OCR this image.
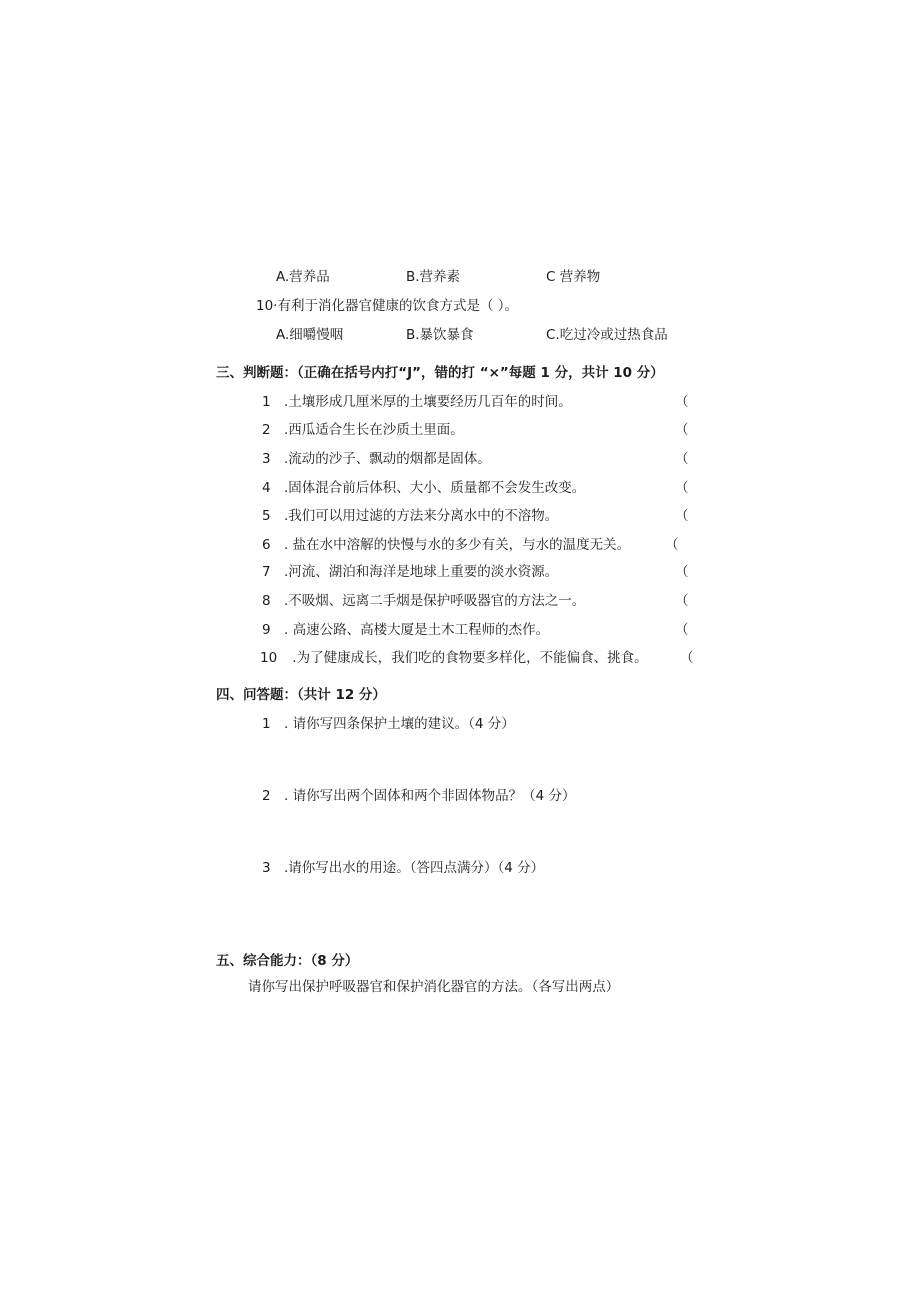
A.营养品	B.营养素	C 营养物
10·有利于消化器官健康的饮食方式是（ ）。
A.细嚼慢咽	B.暴饮暴食	C.吃过冷或过热食品
三、判断题：（正确在括号内打“J”，错的打 “×”每题 1 分，共计 10 分）
1 .土壤形成几厘米厚的土壤要经历几百年的时间。	（
2 .西瓜适合生长在沙质土里面。	（
3 .流动的沙子、飘动的烟都是固体。	（
4 .固体混合前后体积、大小、质量都不会发生改变。	（
5 .我们可以用过滤的方法来分离水中的不溶物。	（
6 . 盐在水中溶解的快慢与水的多少有关，与水的温度无关。	（
7 .河流、湖泊和海洋是地球上重要的淡水资源。	（
8 .不吸烟、远离二手烟是保护呼吸器官的方法之一。	（
9 . 高速公路、高楼大厦是土木工程师的杰作。	（
10 .为了健康成长，我们吃的食物要多样化，不能偏食、挑食。 （
四、问答题：（共计 12 分）
1 . 请你写四条保护土壤的建议。（4 分）
2 . 请你写出两个固体和两个非固体物品？（4 分）
3 .请你写出水的用途。（答四点满分）（4 分）
五、综合能力：（8 分）
请你写出保护呼吸器官和保护消化器官的方法。（各写出两点）
